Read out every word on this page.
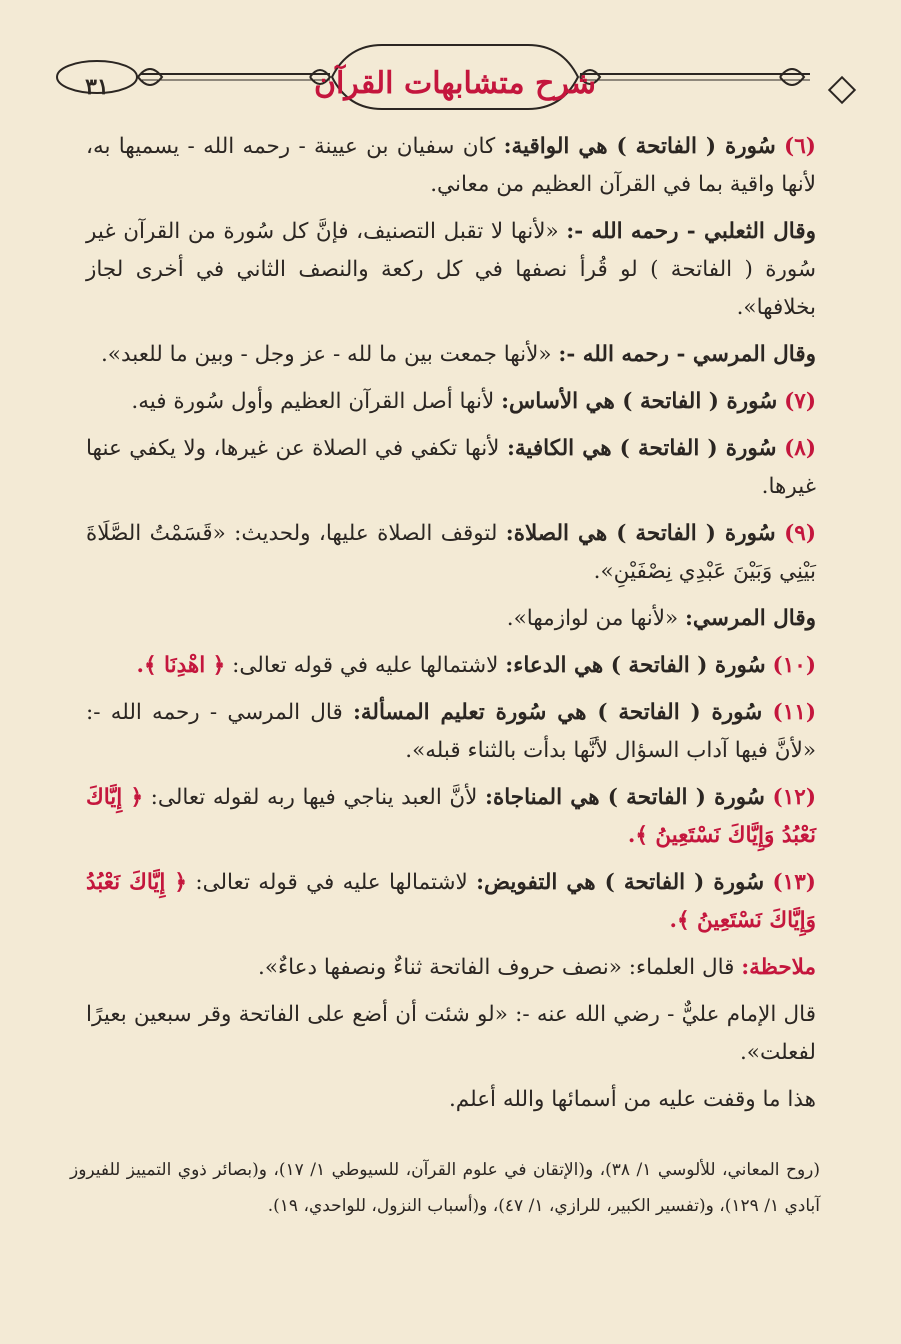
شرح متشابهات القرآن
٣١

(٦) سُورة ( الفاتحة ) هي الواقية: كان سفيان بن عيينة - رحمه الله - يسميها به، لأنها واقية بما في القرآن العظيم من معاني.

وقال الثعلبي - رحمه الله -: «لأنها لا تقبل التصنيف، فإنَّ كل سُورة من القرآن غير سُورة ( الفاتحة ) لو قُرأ نصفها في كل ركعة والنصف الثاني في أخرى لجاز بخلافها».

وقال المرسي - رحمه الله -: «لأنها جمعت بين ما لله - عز وجل - وبين ما للعبد».

(٧) سُورة ( الفاتحة ) هي الأساس: لأنها أصل القرآن العظيم وأول سُورة فيه.

(٨) سُورة ( الفاتحة ) هي الكافية: لأنها تكفي في الصلاة عن غيرها، ولا يكفي عنها غيرها.

(٩) سُورة ( الفاتحة ) هي الصلاة: لتوقف الصلاة عليها، ولحديث: «قَسَمْتُ الصَّلَاةَ بَيْنِي وَبَيْنَ عَبْدِي نِصْفَيْنِ».

وقال المرسي: «لأنها من لوازمها».

(١٠) سُورة ( الفاتحة ) هي الدعاء: لاشتمالها عليه في قوله تعالى: ﴿ اهْدِنَا ﴾.

(١١) سُورة ( الفاتحة ) هي سُورة تعليم المسألة: قال المرسي - رحمه الله -: «لأنَّ فيها آداب السؤال لأنَّها بدأت بالثناء قبله».

(١٢) سُورة ( الفاتحة ) هي المناجاة: لأنَّ العبد يناجي فيها ربه لقوله تعالى: ﴿ إِيَّاكَ نَعْبُدُ وَإِيَّاكَ نَسْتَعِينُ ﴾.

(١٣) سُورة ( الفاتحة ) هي التفويض: لاشتمالها عليه في قوله تعالى: ﴿ إِيَّاكَ نَعْبُدُ وَإِيَّاكَ نَسْتَعِينُ ﴾.

ملاحظة: قال العلماء: «نصف حروف الفاتحة ثناءٌ ونصفها دعاءٌ».

قال الإمام عليٌّ - رضي الله عنه -: «لو شئت أن أضع على الفاتحة وقر سبعين بعيرًا لفعلت».

هذا ما وقفت عليه من أسمائها والله أعلم.

(روح المعاني، للألوسي ١/ ٣٨)، و(الإتقان في علوم القرآن، للسيوطي ١/ ١٧)، و(بصائر ذوي التمييز للفيروز آبادي ١/ ١٢٩)، و(تفسير الكبير، للرازي، ١/ ٤٧)، و(أسباب النزول، للواحدي، ١٩).
